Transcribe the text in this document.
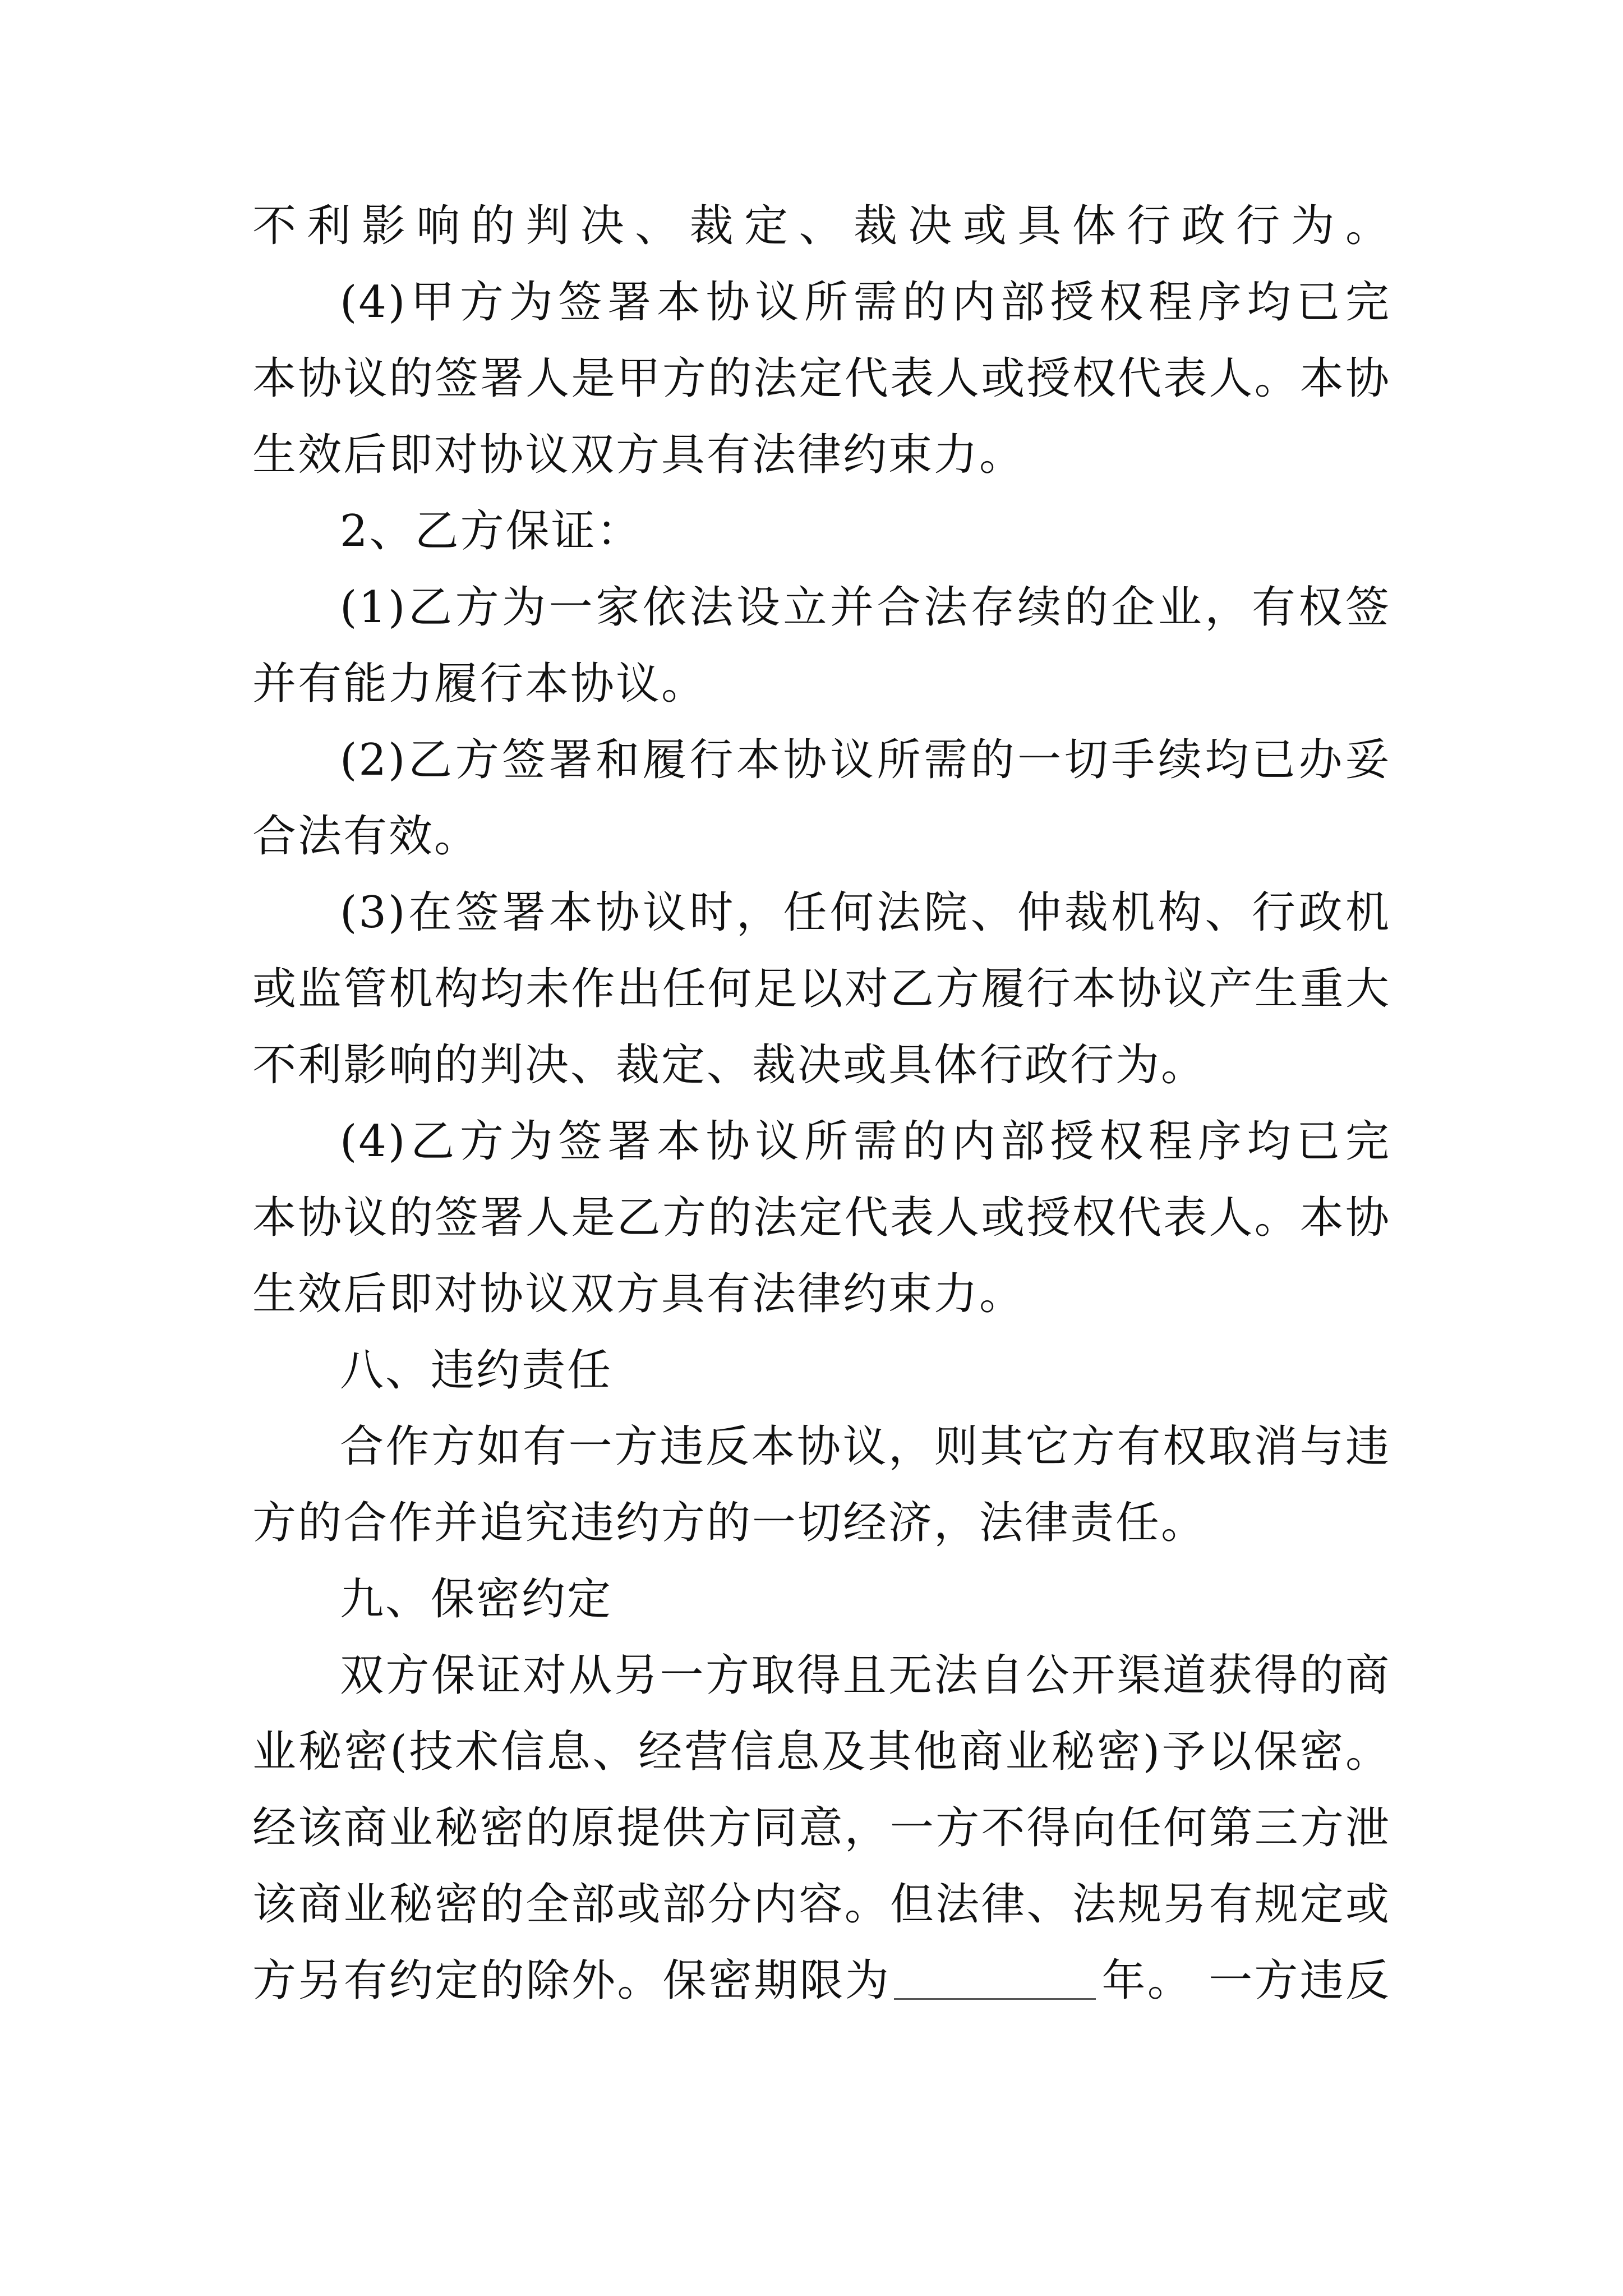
不利影响的判决、裁定、裁决或具体行政行为。
(4)甲方为签署本协议所需的内部授权程序均已完
本协议的签署人是甲方的法定代表人或授权代表人。本协
生效后即对协议双方具有法律约束力。
2、乙方保证：
(1)乙方为一家依法设立并合法存续的企业，有权签
并有能力履行本协议。
(2)乙方签署和履行本协议所需的一切手续均已办妥
合法有效。
(3)在签署本协议时，任何法院、仲裁机构、行政机
或监管机构均未作出任何足以对乙方履行本协议产生重大
不利影响的判决、裁定、裁决或具体行政行为。
(4)乙方为签署本协议所需的内部授权程序均已完
本协议的签署人是乙方的法定代表人或授权代表人。本协
生效后即对协议双方具有法律约束力。
八、违约责任
合作方如有一方违反本协议，则其它方有权取消与违
方的合作并追究违约方的一切经济，法律责任。
九、保密约定
双方保证对从另一方取得且无法自公开渠道获得的商
业秘密(技术信息、经营信息及其他商业秘密)予以保密。
经该商业秘密的原提供方同意，一方不得向任何第三方泄
该商业秘密的全部或部分内容。但法律、法规另有规定或
方另有约定的除外。保密期限为	年。 一方违反
